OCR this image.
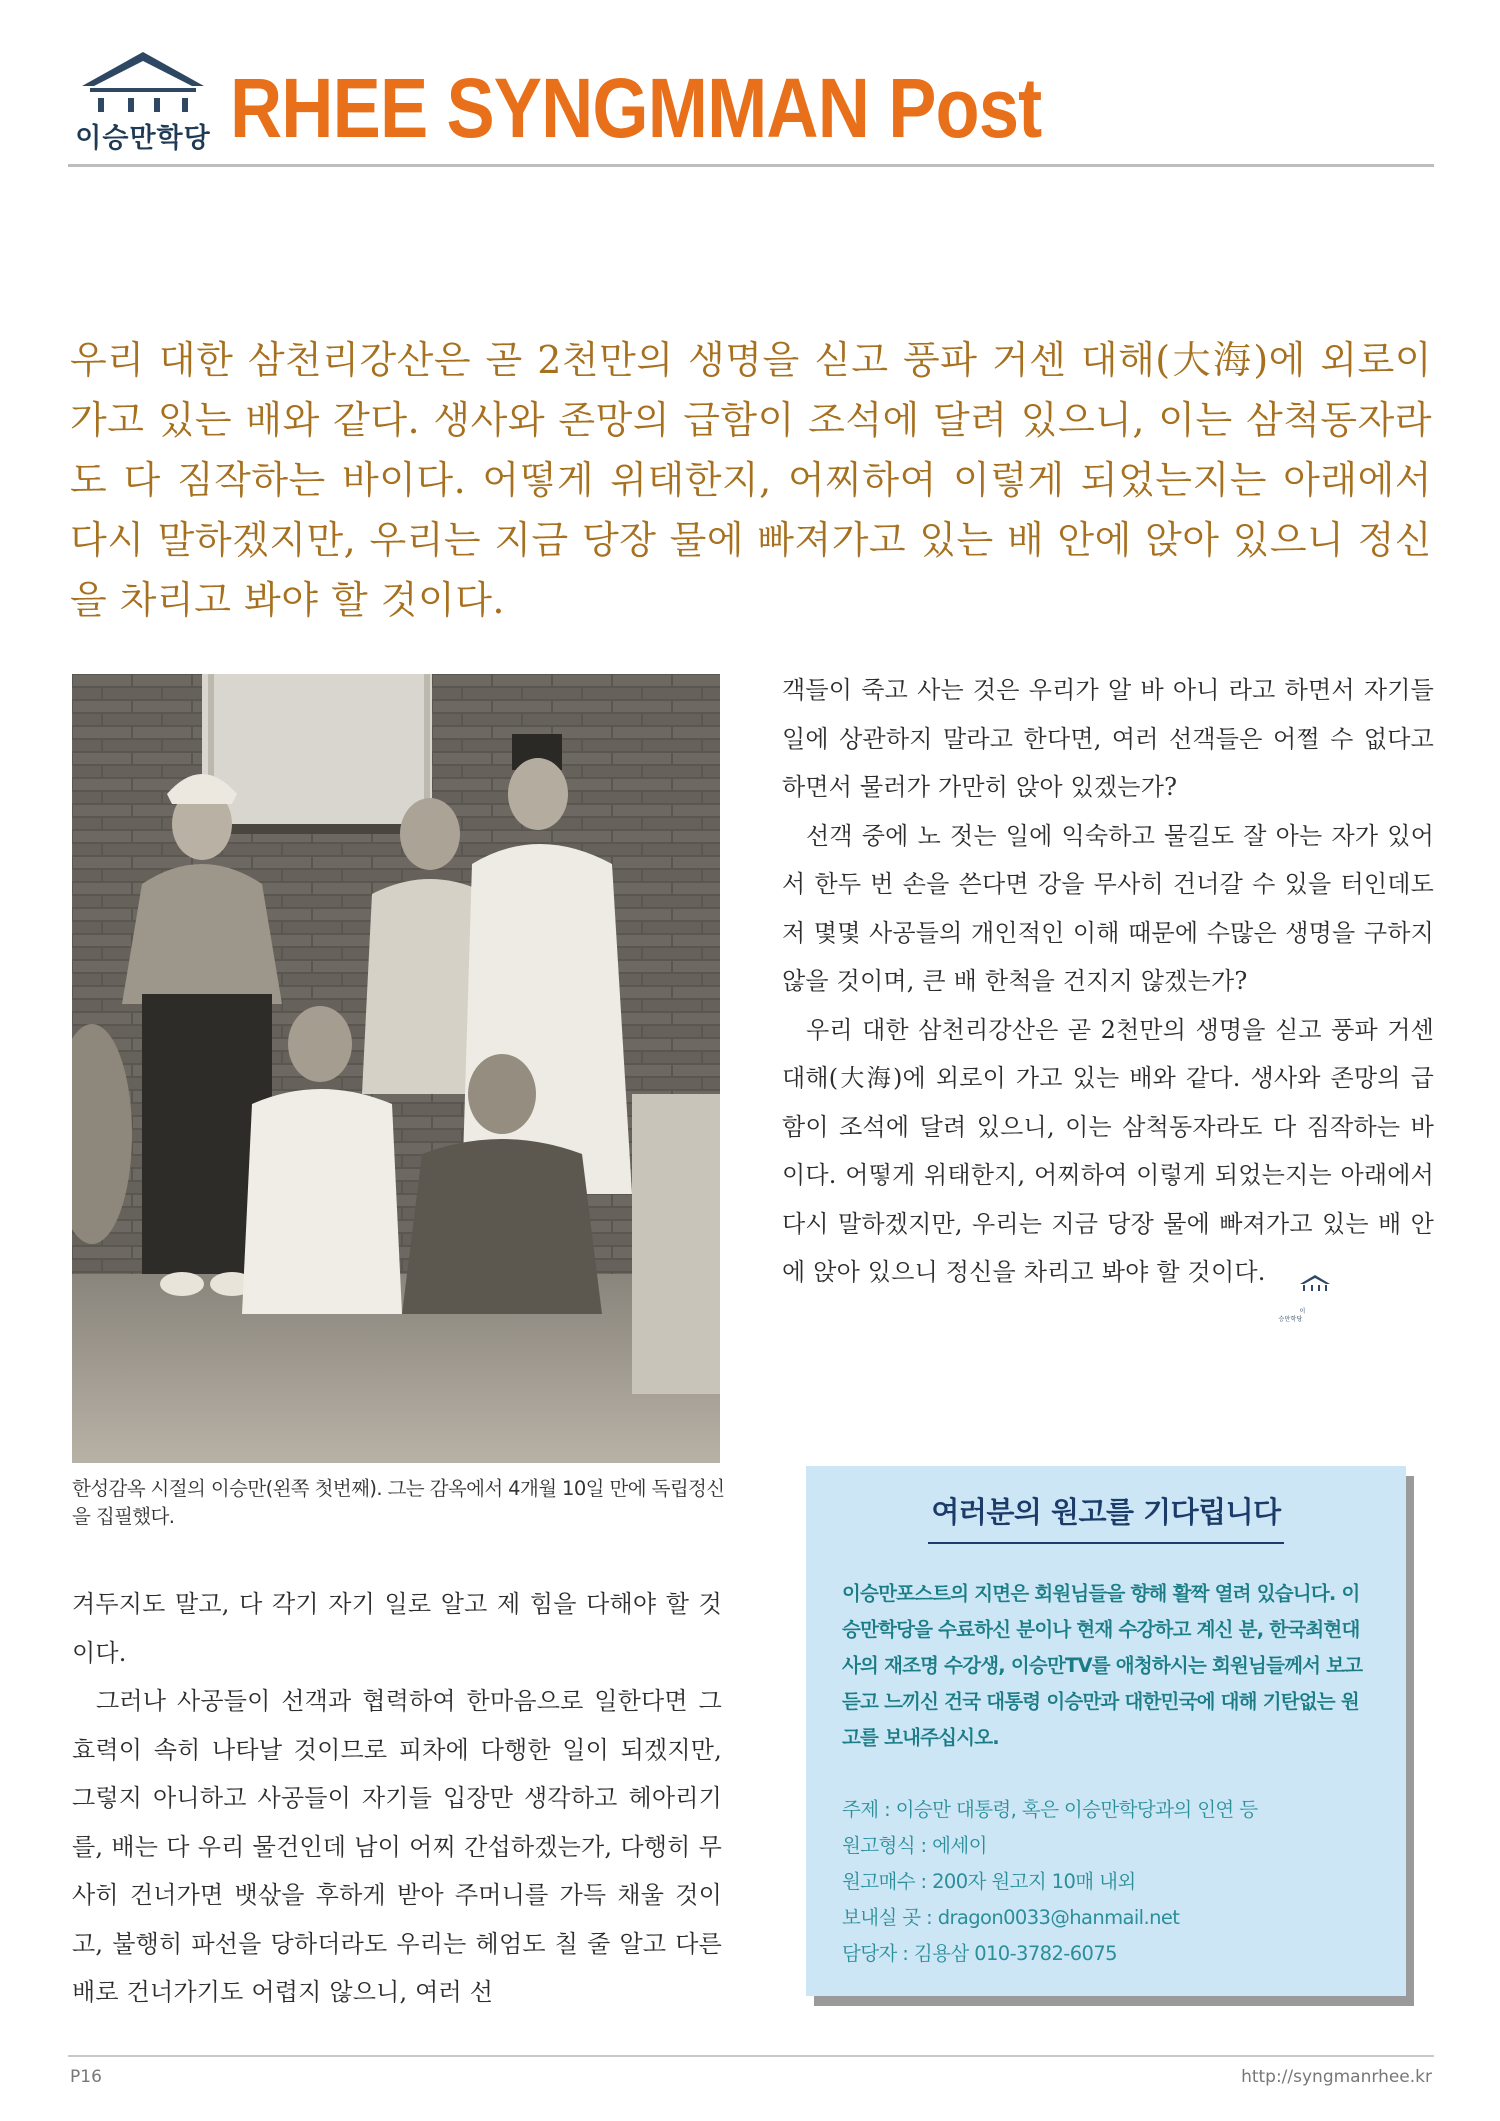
이승만학당 RHEE SYNGMMAN Post
우리 대한 삼천리강산은 곧 2천만의 생명을 싣고 풍파 거센 대해(大海)에 외로이 가고 있는 배와 같다. 생사와 존망의 급함이 조석에 달려 있으니, 이는 삼척동자라도 다 짐작하는 바이다. 어떻게 위태한지, 어찌하여 이렇게 되었는지는 아래에서 다시 말하겠지만, 우리는 지금 당장 물에 빠져가고 있는 배 안에 앉아 있으니 정신을 차리고 봐야 할 것이다.
한성감옥 시절의 이승만(왼쪽 첫번째). 그는 감옥에서 4개월 10일 만에 독립정신을 집필했다.

객들이 죽고 사는 것은 우리가 알 바 아니 라고 하면서 자기들 일에 상관하지 말라고 한다면, 여러 선객들은 어쩔 수 없다고 하면서 물러가 가만히 앉아 있겠는가?

선객 중에 노 젓는 일에 익숙하고 물길도 잘 아는 자가 있어서 한두 번 손을 쓴다면 강을 무사히 건너갈 수 있을 터인데도 저 몇몇 사공들의 개인적인 이해 때문에 수많은 생명을 구하지 않을 것이며, 큰 배 한척을 건지지 않겠는가?

우리 대한 삼천리강산은 곧 2천만의 생명을 싣고 풍파 거센 대해(大海)에 외로이 가고 있는 배와 같다. 생사와 존망의 급함이 조석에 달려 있으니, 이는 삼척동자라도 다 짐작하는 바이다. 어떻게 위태한지, 어찌하여 이렇게 되었는지는 아래에서 다시 말하겠지만, 우리는 지금 당장 물에 빠져가고 있는 배 안에 앉아 있으니 정신을 차리고 봐야 할 것이다.
이승만학당

겨두지도 말고, 다 각기 자기 일로 알고 제 힘을 다해야 할 것이다.

그러나 사공들이 선객과 협력하여 한마음으로 일한다면 그 효력이 속히 나타날 것이므로 피차에 다행한 일이 되겠지만, 그렇지 아니하고 사공들이 자기들 입장만 생각하고 헤아리기를, 배는 다 우리 물건인데 남이 어찌 간섭하겠는가, 다행히 무사히 건너가면 뱃삯을 후하게 받아 주머니를 가득 채울 것이고, 불행히 파선을 당하더라도 우리는 헤엄도 칠 줄 알고 다른 배로 건너가기도 어렵지 않으니, 여러 선

여러분의 원고를 기다립니다
이승만포스트의 지면은 회원님들을 향해 활짝 열려 있습니다. 이승만학당을 수료하신 분이나 현재 수강하고 계신 분, 한국최현대사의 재조명 수강생, 이승만TV를 애청하시는 회원님들께서 보고 듣고 느끼신 건국 대통령 이승만과 대한민국에 대해 기탄없는 원고를 보내주십시오.
주제 : 이승만 대통령, 혹은 이승만학당과의 인연 등
원고형식 : 에세이
원고매수 : 200자 원고지 10매 내외
보내실 곳 : dragon0033@hanmail.net
담당자 : 김용삼 010-3782-6075
P16	http://syngmanrhee.kr
